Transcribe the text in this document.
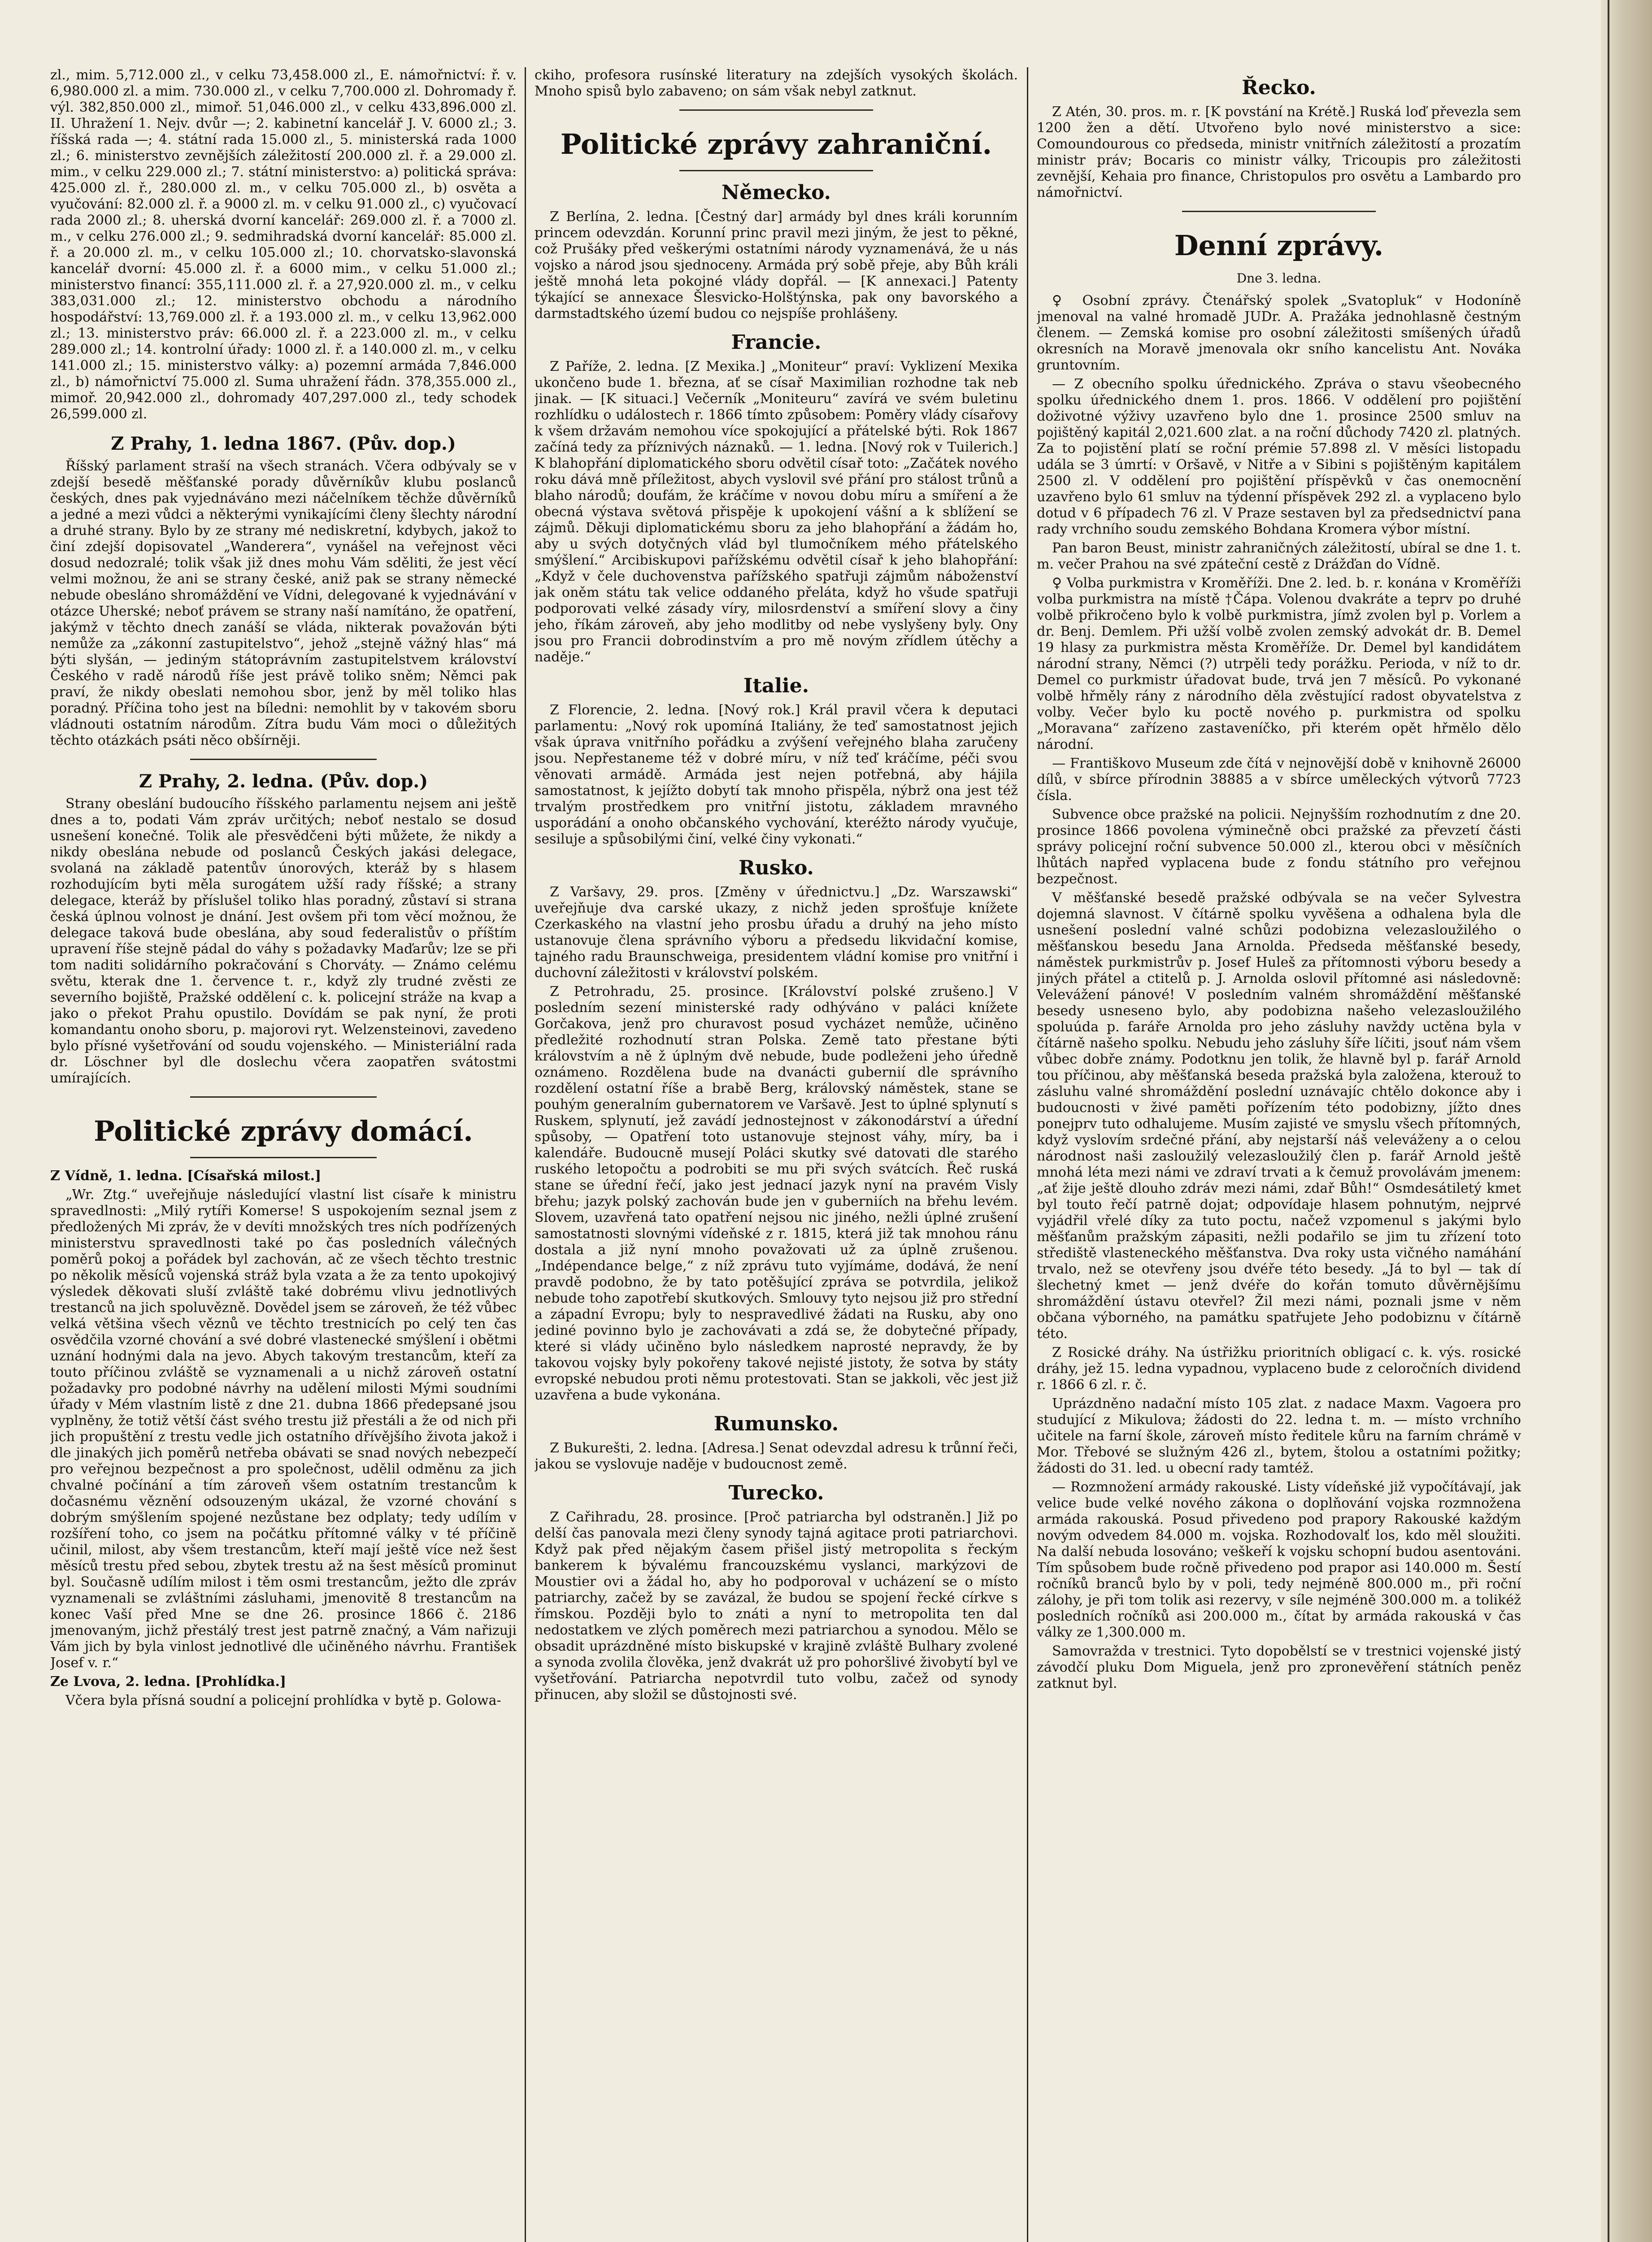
zl., mim. 5,712.000 zl., v celku 73,458.000 zl., E. námořnictví: ř. v. 6,980.000 zl. a mim. 730.000 zl., v celku 7,700.000 zl. Dohromady ř. výl. 382,850.000 zl., mimoř. 51,046.000 zl., v celku 433,896.000 zl. II. Uhražení 1. Nejv. dvůr —; 2. kabinetní kancelář J. V. 6000 zl.; 3. říšská rada —; 4. státní rada 15.000 zl., 5. ministerská rada 1000 zl.; 6. ministerstvo zevnějších záležitostí 200.000 zl. ř. a 29.000 zl. mim., v celku 229.000 zl.; 7. státní ministerstvo: a) politická správa: 425.000 zl. ř., 280.000 zl. m., v celku 705.000 zl., b) osvěta a vyučování: 82.000 zl. ř. a 9000 zl. m. v celku 91.000 zl., c) vyučovací rada 2000 zl.; 8. uherská dvorní kancelář: 269.000 zl. ř. a 7000 zl. m., v celku 276.000 zl.; 9. sedmihradská dvorní kancelář: 85.000 zl. ř. a 20.000 zl. m., v celku 105.000 zl.; 10. chorvatsko-slavonská kancelář dvorní: 45.000 zl. ř. a 6000 mim., v celku 51.000 zl.; ministerstvo financí: 355,111.000 zl. ř. a 27,920.000 zl. m., v celku 383,031.000 zl.; 12. ministerstvo obchodu a národního hospodářství: 13,769.000 zl. ř. a 193.000 zl. m., v celku 13,962.000 zl.; 13. ministerstvo práv: 66.000 zl. ř. a 223.000 zl. m., v celku 289.000 zl.; 14. kontrolní úřady: 1000 zl. ř. a 140.000 zl. m., v celku 141.000 zl.; 15. ministerstvo války: a) pozemní armáda 7,846.000 zl., b) námořnictví 75.000 zl. Suma uhražení řádn. 378,355.000 zl., mimoř. 20,942.000 zl., dohromady 407,297.000 zl., tedy schodek 26,599.000 zl.

Z Prahy, 1. ledna 1867. (Pův. dop.)

Říšský parlament straší na všech stranách. Včera odbývaly se v zdejší besedě měšťanské porady důvěrníkův klubu poslanců českých, dnes pak vyjednáváno mezi náčelníkem těchže důvěrníků a jedné a mezi vůdci a některými vynikajícími členy šlechty národní a druhé strany. Bylo by ze strany mé nediskretní, kdybych, jakož to činí zdejší dopisovatel „Wanderera“, vynášel na veřejnost věci dosud nedozralé; tolik však již dnes mohu Vám sděliti, že jest věcí velmi možnou, že ani se strany české, aniž pak se strany německé nebude obesláno shromáždění ve Vídni, delegované k vyjednávání v otázce Uherské; neboť právem se strany naší namítáno, že opatření, jakýmž v těchto dnech zanáší se vláda, nikterak považován býti nemůže za „zákonní zastupitelstvo“, jehož „stejně vážný hlas“ má býti slyšán, — jediným státoprávním zastupitelstvem království Českého v radě národů říše jest právě toliko sněm; Němci pak praví, že nikdy obeslati nemohou sbor, jenž by měl toliko hlas poradný. Příčina toho jest na bíledni: nemohlit by v takovém sboru vládnouti ostatním národům. Zítra budu Vám moci o důležitých těchto otázkách psáti něco obšírněji.

Z Prahy, 2. ledna. (Pův. dop.)

Strany obeslání budoucího říšského parlamentu nejsem ani ještě dnes a to, podati Vám zpráv určitých; neboť nestalo se dosud usnešení konečné. Tolik ale přesvědčeni býti můžete, že nikdy a nikdy obeslána nebude od poslanců Českých jakási delegace, svolaná na základě patentův únorových, kteráž by s hlasem rozhodujícím byti měla surogátem užší rady říšské; a strany delegace, kteráž by příslušel toliko hlas poradný, zůstaví si strana česká úplnou volnost je dnání. Jest ovšem při tom věcí možnou, že delegace taková bude obeslána, aby soud federalistův o příštím upravení říše stejně pádal do váhy s požadavky Maďarův; lze se při tom naditi solidárního pokračování s Chorváty. — Známo celému světu, kterak dne 1. července t. r., když zly trudné zvěsti ze severního bojiště, Pražské oddělení c. k. policejní stráže na kvap a jako o překot Prahu opustilo. Dovídám se pak nyní, že proti komandantu onoho sboru, p. majorovi ryt. Welzensteinovi, zavedeno bylo přísné vyšetřování od soudu vojenského. — Ministeriální rada dr. Löschner byl dle doslechu včera zaopatřen svátostmi umírajících.

Politické zprávy domácí.

Z Vídně, 1. ledna. [Císařská milost.]

„Wr. Ztg.“ uveřejňuje následující vlastní list císaře k ministru spravedlnosti: „Milý rytíři Komerse! S uspokojením seznal jsem z předložených Mi zpráv, že v devíti množských tres ních podřízených ministerstvu spravedlnosti také po čas posledních válečných poměrů pokoj a pořádek byl zachován, ač ze všech těchto trestnic po několik měsíců vojenská stráž byla vzata a že za tento upokojivý výsledek děkovati sluší zvláště také dobrému vlivu jednotlivých trestanců na jich spoluvězně. Dovědel jsem se zároveň, že též vůbec velká většina všech věznů ve těchto trestnicích po celý ten čas osvědčila vzorné chování a své dobré vlastenecké smýšlení i obětmi uznání hodnými dala na jevo. Abych takovým trestancům, kteří za touto příčinou zvláště se vyznamenali a u nichž zároveň ostatní požadavky pro podobné návrhy na udělení milosti Mými soudními úřady v Mém vlastním listě z dne 21. dubna 1866 předepsané jsou vyplněny, že totiž větší část svého trestu již přestáli a že od nich při jich propuštění z trestu vedle jich ostatního dřívějšího života jakož i dle jinakých jich poměrů netřeba obávati se snad nových nebezpečí pro veřejnou bezpečnost a pro společnost, udělil odměnu za jich chvalné počínání a tím zároveň všem ostatním trestancům k dočasnému věznění odsouzeným ukázal, že vzorné chování s dobrým smýšlením spojené nezůstane bez odplaty; tedy udílím v rozšíření toho, co jsem na počátku přítomné války v té příčině učinil, milost, aby všem trestancům, kteří mají ještě více než šest měsíců trestu před sebou, zbytek trestu až na šest měsíců prominut byl. Současně udílím milost i těm osmi trestancům, ježto dle zpráv vyznamenali se zvláštními zásluhami, jmenovitě 8 trestancům na konec Vaší před Mne se dne 26. prosince 1866 č. 2186 jmenovaným, jichž přestálý trest jest patrně značný, a Vám nařizuji Vám jich by byla vinlost jednotlivé dle učiněného návrhu. František Josef v. r.“

Ze Lvova, 2. ledna. [Prohlídka.]

Včera byla přísná soudní a policejní prohlídka v bytě p. Golowa-

ckiho, profesora rusínské literatury na zdejších vysokých školách. Mnoho spisů bylo zabaveno; on sám však nebyl zatknut.

Politické zprávy zahraniční.
Německo.

Z Berlína, 2. ledna. [Čestný dar] armády byl dnes králi korunním princem odevzdán. Korunní princ pravil mezi jiným, že jest to pěkné, což Prušáky před veškerými ostatními národy vyznamenává, že u nás vojsko a národ jsou sjednoceny. Armáda prý sobě přeje, aby Bůh králi ještě mnohá leta pokojné vlády dopřál. — [K annexaci.] Patenty týkající se annexace Šlesvicko-Holštýnska, pak ony bavorského a darmstadtského území budou co nejspíše prohlášeny.

Francie.

Z Paříže, 2. ledna. [Z Mexika.] „Moniteur“ praví: Vyklizení Mexika ukončeno bude 1. března, ať se císař Maximilian rozhodne tak neb jinak. — [K situaci.] Večerník „Moniteuru“ zavírá ve svém buletinu rozhlídku o událostech r. 1866 tímto způsobem: Poměry vlády císařovy k všem državám nemohou více spokojující a přátelské býti. Rok 1867 začíná tedy za příznivých náznaků. — 1. ledna. [Nový rok v Tuilerich.] K blahopřání diplomatického sboru odvětil císař toto: „Začátek nového roku dává mně příležitost, abych vyslovil své přání pro stálost trůnů a blaho národů; doufám, že kráčíme v novou dobu míru a smíření a že obecná výstava světová přispěje k upokojení vášní a k sblížení se zájmů. Děkuji diplomatickému sboru za jeho blahopřání a žádám ho, aby u svých dotyčných vlád byl tlumočníkem mého přátelského smýšlení.“ Arcibiskupovi pařížskému odvětil císař k jeho blahopřání: „Když v čele duchovenstva pařížského spatřuji zájmům náboženství jak oněm státu tak velice oddaného přeláta, když ho všude spatřuji podporovati velké zásady víry, milosrdenství a smíření slovy a činy jeho, říkám zároveň, aby jeho modlitby od nebe vyslyšeny byly. Ony jsou pro Francii dobrodinstvím a pro mě novým zřídlem útěchy a naděje.“

Italie.

Z Florencie, 2. ledna. [Nový rok.] Král pravil včera k deputaci parlamentu: „Nový rok upomíná Italiány, že teď samostatnost jejich však úprava vnitřního pořádku a zvýšení veřejného blaha zaručeny jsou. Nepřestaneme též v dobré míru, v níž teď kráčíme, péči svou věnovati armádě. Armáda jest nejen potřebná, aby hájila samostatnost, k jejížto dobytí tak mnoho přispěla, nýbrž ona jest též trvalým prostředkem pro vnitřní jistotu, základem mravného usporádání a onoho občanského vychování, kteréžto národy vyučuje, sesiluje a spůsobilými činí, velké činy vykonati.“

Rusko.

Z Varšavy, 29. pros. [Změny v úřednictvu.] „Dz. Warszawski“ uveřejňuje dva carské ukazy, z nichž jeden sprošťuje knížete Czerkaského na vlastní jeho prosbu úřadu a druhý na jeho místo ustanovuje člena správního výboru a předsedu likvidační komise, tajného radu Braunschweiga, presidentem vládní komise pro vnitřní i duchovní záležitosti v království polském.

Z Petrohradu, 25. prosince. [Království polské zrušeno.] V posledním sezení ministerské rady odhýváno v paláci knížete Gorčakova, jenž pro churavost posud vycházet nemůže, učiněno předležité rozhodnutí stran Polska. Země tato přestane býti královstvím a ně ž úplným dvě nebude, bude podleženi jeho úředně oznámeno. Rozdělena bude na dvanácti gubernií dle správního rozdělení ostatní říše a brabě Berg, královský náměstek, stane se pouhým generalním gubernatorem ve Varšavě. Jest to úplné splynutí s Ruskem, splynutí, jež zavádí jednostejnost v zákonodárství a úřední spůsoby, — Opatření toto ustanovuje stejnost váhy, míry, ba i kalendáře. Budoucně musejí Poláci skutky své datovati dle starého ruského letopočtu a podrobiti se mu při svých svátcích. Řeč ruská stane se úřední řečí, jako jest jednací jazyk nyní na pravém Visly břehu; jazyk polský zachován bude jen v guberniích na břehu levém. Slovem, uzavřená tato opatření nejsou nic jiného, nežli úplné zrušení samostatnosti slovnými vídeňské z r. 1815, která již tak mnohou ránu dostala a již nyní mnoho považovati už za úplně zrušenou. „Indépendance belge,“ z níž zprávu tuto vyjímáme, dodává, že není pravdě podobno, že by tato potěšující zpráva se potvrdila, jelikož nebude toho zapotřebí skutkových. Smlouvy tyto nejsou již pro střední a západní Evropu; byly to nespravedlivé žádati na Rusku, aby ono jediné povinno bylo je zachovávati a zdá se, že dobytečné případy, které si vlády učiněno bylo následkem naprosté nepravdy, že by takovou vojsky byly pokořeny takové nejisté jistoty, že sotva by státy evropské nebudou proti němu protestovati. Stan se jakkoli, věc jest již uzavřena a bude vykonána.

Rumunsko.

Z Bukurešti, 2. ledna. [Adresa.] Senat odevzdal adresu k trůnní řeči, jakou se vyslovuje naděje v budoucnost země.

Turecko.

Z Cařihradu, 28. prosince. [Proč patriarcha byl odstraněn.] Již po delší čas panovala mezi členy synody tajná agitace proti patriarchovi. Když pak před nějakým časem přišel jistý metropolita s řeckým bankerem k bývalému francouzskému vyslanci, markýzovi de Moustier ovi a žádal ho, aby ho podporoval v ucházení se o místo patriarchy, začež by se zavázal, že budou se spojení řecké církve s římskou. Později bylo to znáti a nyní to metropolita ten dal nedostatkem ve zlých poměrech mezi patriarchou a synodou. Mělo se obsadit uprázdněné místo biskupské v krajině zvláště Bulhary zvolené a synoda zvolila člověka, jenž dvakrát už pro pohoršlivé živobytí byl ve vyšetřování. Patriarcha nepotvrdil tuto volbu, začež od synody přinucen, aby složil se důstojnosti své.

Řecko.

Z Atén, 30. pros. m. r. [K povstání na Krétě.] Ruská loď převezla sem 1200 žen a dětí. Utvořeno bylo nové ministerstvo a sice: Comoundourous co předseda, ministr vnitřních záležitostí a prozatím ministr práv; Bocaris co ministr války, Tricoupis pro záležitosti zevnější, Kehaia pro finance, Christopulos pro osvětu a Lambardo pro námořnictví.

Denní zprávy.

Dne 3. ledna.

♀ Osobní zprávy. Čtenářský spolek „Svatopluk“ v Hodoníně jmenoval na valné hromadě JUDr. A. Pražáka jednohlasně čestným členem. — Zemská komise pro osobní záležitosti smíšených úřadů okresních na Moravě jmenovala okr sního kancelistu Ant. Nováka gruntovním.

— Z obecního spolku úřednického. Zpráva o stavu všeobecného spolku úřednického dnem 1. pros. 1866. V oddělení pro pojištění doživotné výživy uzavřeno bylo dne 1. prosince 2500 smluv na pojištěný kapitál 2,021.600 zlat. a na roční důchody 7420 zl. platných. Za to pojistění platí se roční prémie 57.898 zl. V měsíci listopadu udála se 3 úmrtí: v Oršavě, v Nitře a v Sibini s pojištěným kapitálem 2500 zl. V oddělení pro pojištění příspěvků v čas onemocnění uzavřeno bylo 61 smluv na týdenní příspěvek 292 zl. a vyplaceno bylo dotud v 6 případech 76 zl. V Praze sestaven byl za předsednictví pana rady vrchního soudu zemského Bohdana Kromera výbor místní.

Pan baron Beust, ministr zahraničných záležitostí, ubíral se dne 1. t. m. večer Prahou na své zpáteční cestě z Drážďan do Vídně.

♀ Volba purkmistra v Kroměříži. Dne 2. led. b. r. konána v Kroměříži volba purkmistra na místě †Čápa. Volenou dvakráte a teprv po druhé volbě přikročeno bylo k volbě purkmistra, jímž zvolen byl p. Vorlem a dr. Benj. Demlem. Při užší volbě zvolen zemský advokát dr. B. Demel 19 hlasy za purkmistra města Kroměříže. Dr. Demel byl kandidátem národní strany, Němci (?) utrpěli tedy porážku. Perioda, v níž to dr. Demel co purkmistr úřadovat bude, trvá jen 7 měsíců. Po vykonané volbě hřměly rány z národního děla zvěstující radost obyvatelstva z volby. Večer bylo ku poctě nového p. purkmistra od spolku „Moravana“ zařízeno zastaveníčko, při kterém opět hřmělo dělo národní.

— Františkovo Museum zde čítá v nejnovější době v knihovně 26000 dílů, v sbírce přírodnin 38885 a v sbírce uměleckých výtvorů 7723 čísla.

Subvence obce pražské na policii. Nejnyšším rozhodnutím z dne 20. prosince 1866 povolena výminečně obci pražské za převzetí části správy policejní roční subvence 50.000 zl., kterou obci v měsíčních lhůtách napřed vyplacena bude z fondu státního pro veřejnou bezpečnost.

V měšťanské besedě pražské odbývala se na večer Sylvestra dojemná slavnost. V čítárně spolku vyvěšena a odhalena byla dle usnešení poslední valné schůzi podobizna velezasloužilého o měšťanskou besedu Jana Arnolda. Předseda měšťanské besedy, náměstek purkmistrův p. Josef Huleš za přítomnosti výboru besedy a jiných přátel a ctitelů p. J. Arnolda oslovil přítomné asi následovně: Velevážení pánové! V posledním valném shromáždění měšťanské besedy usneseno bylo, aby podobizna našeho velezasloužilého spoluúda p. faráře Arnolda pro jeho zásluhy navždy uctěna byla v čítárně našeho spolku. Nebudu jeho zásluhy šíře líčiti, jsouť nám všem vůbec dobře známy. Podotknu jen tolik, že hlavně byl p. farář Arnold tou příčinou, aby měšťanská beseda pražská byla založena, kterouž to zásluhu valné shromáždění poslední uznávajíc chtělo dokonce aby i budoucnosti v živé paměti pořízením této podobizny, jížto dnes ponejprv tuto odhalujeme. Musím zajisté ve smyslu všech přítomných, když vyslovím srdečné přání, aby nejstarší náš veleváženy a o celou národnost naši zasloužilý velezasloužilý člen p. farář Arnold ještě mnohá léta mezi námi ve zdraví trvati a k čemuž provolávám jmenem: „ať žije ještě dlouho zdráv mezi námi, zdař Bůh!“ Osmdesátiletý kmet byl touto řečí patrně dojat; odpovídaje hlasem pohnutým, nejprvé vyjádřil vřelé díky za tuto poctu, načež vzpomenul s jakými bylo měšťanům pražským zápasiti, nežli podařilo se jim tu zřízení toto střediště vlasteneckého měšťanstva. Dva roky usta vičného namáhání trvalo, než se otevřeny jsou dvéře této besedy. „Já to byl — tak dí šlechetný kmet — jenž dvéře do kořán tomuto důvěrnějšímu shromáždění ústavu otevřel? Žil mezi námi, poznali jsme v něm občana výborného, na památku spatřujete Jeho podobiznu v čítárně této.

Z Rosické dráhy. Na ústřižku prioritních obligací c. k. výs. rosické dráhy, jež 15. ledna vypadnou, vyplaceno bude z celoročních dividend r. 1866 6 zl. r. č.

Uprázdněno nadační místo 105 zlat. z nadace Maxm. Vagoera pro studující z Mikulova; žádosti do 22. ledna t. m. — místo vrchního učitele na farní škole, zároveň místo ředitele kůru na farním chrámě v Mor. Třebové se služným 426 zl., bytem, štolou a ostatními požitky; žádosti do 31. led. u obecní rady tamtéž.

— Rozmnožení armády rakouské. Listy vídeňské již vypočítávají, jak velice bude velké nového zákona o doplňování vojska rozmnožena armáda rakouská. Posud přivedeno pod prapory Rakouské každým novým odvedem 84.000 m. vojska. Rozhodovalť los, kdo měl sloužiti. Na další nebuda losováno; veškeří k vojsku schopní budou asentováni. Tím spůsobem bude ročně přivedeno pod prapor asi 140.000 m. Šestí ročníků branců bylo by v poli, tedy nejméně 800.000 m., při roční zálohy, je při tom tolik asi rezervy, v síle nejméně 300.000 m. a tolikéž posledních ročníků asi 200.000 m., čítat by armáda rakouská v čas války ze 1,300.000 m.

Samovražda v trestnici. Tyto dopobělstí se v trestnici vojenské jistý závodčí pluku Dom Miguela, jenž pro zpronevěření státních peněz zatknut byl.
